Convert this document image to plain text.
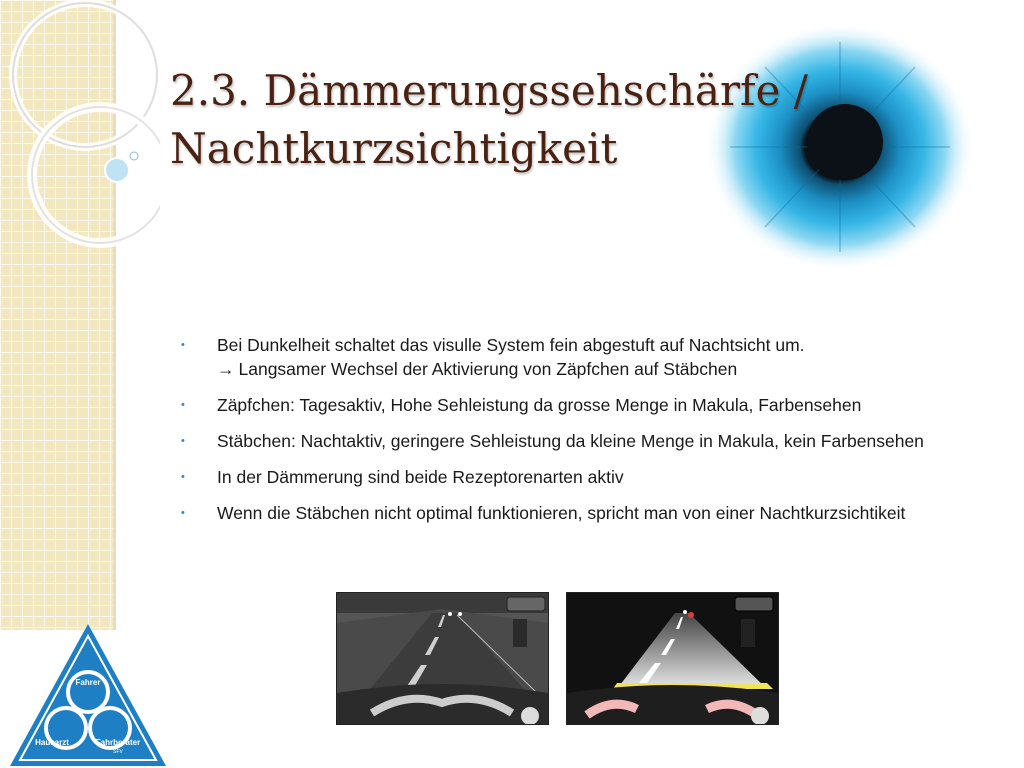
2.3. Dämmerungssehschärfe /
Nachtkurzsichtigkeit
• Bei Dunkelheit schaltet das visulle System fein abgestuft auf Nachtsicht um.
→ Langsamer Wechsel der Aktivierung von Zäpfchen auf Stäbchen
• Zäpfchen: Tagesaktiv, Hohe Sehleistung da grosse Menge in Makula, Farbensehen
• Stäbchen: Nachtaktiv, geringere Sehleistung da kleine Menge in Makula, kein Farbensehen
• In der Dämmerung sind beide Rezeptorenarten aktiv
• Wenn die Stäbchen nicht optimal funktionieren, spricht man von einer Nachtkurzsichtikeit
Fahrer
Hausarzt	Fahrberater
SFV
